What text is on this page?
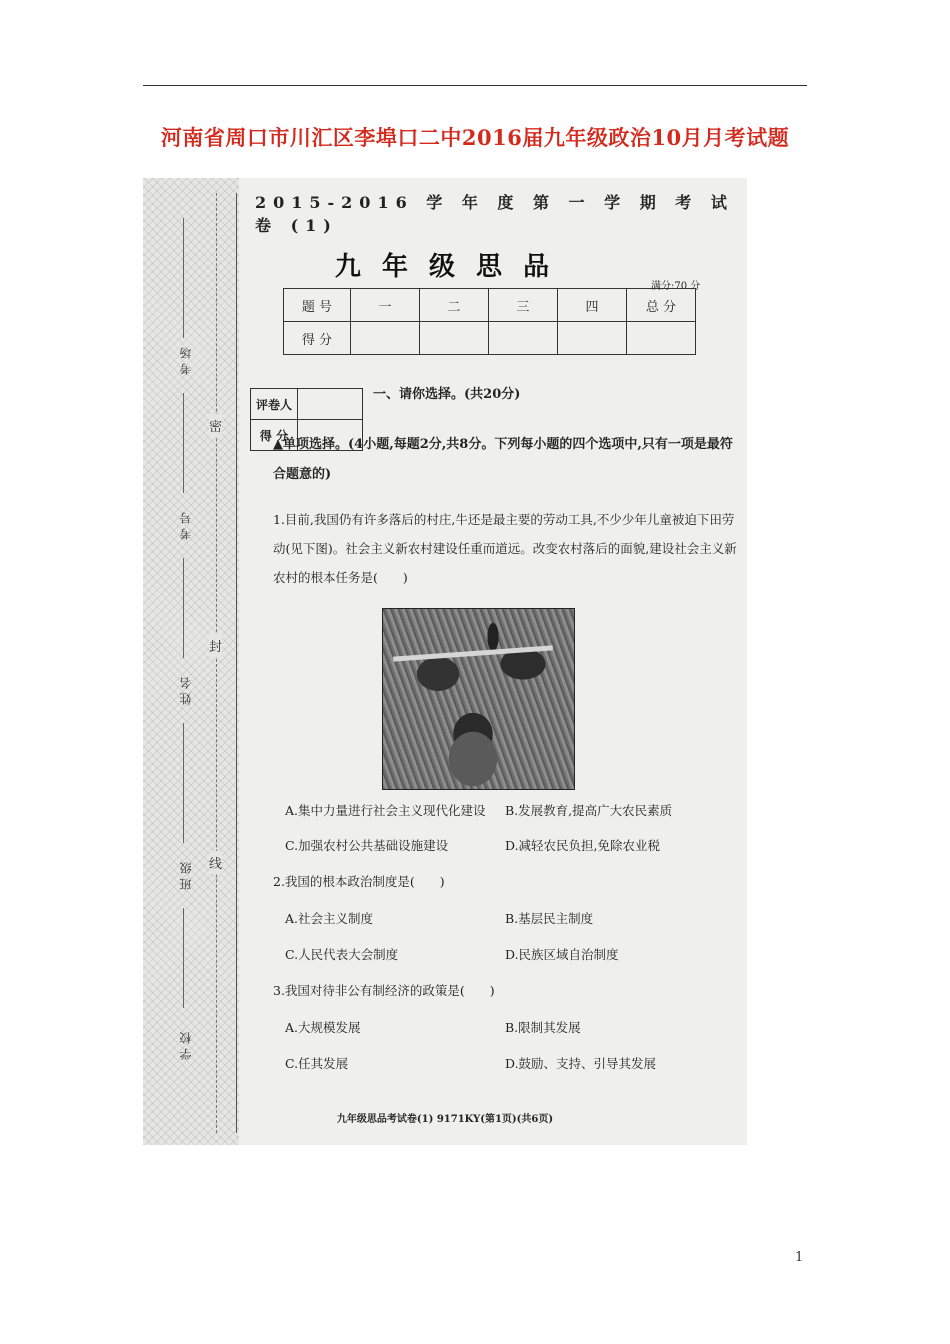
河南省周口市川汇区李埠口二中2016届九年级政治10月月考试题
密
封
线
考场
考号
姓名
班级
学校
2015-2016 学 年 度 第 一 学 期 考 试 卷 (1)
九 年 级 思 品
满分:70 分
题 号	一	二	三	四	总 分
得 分					
评卷人	
得 分	
一、请你选择。(共20分)
▲单项选择。(4小题,每题2分,共8分。下列每小题的四个选项中,只有一项是最符合题意的)
1.目前,我国仍有许多落后的村庄,牛还是最主要的劳动工具,不少少年儿童被迫下田劳动(见下图)。社会主义新农村建设任重而道远。改变农村落后的面貌,建设社会主义新农村的根本任务是(　　)
A.集中力量进行社会主义现代化建设 B.发展教育,提高广大农民素质
C.加强农村公共基础设施建设	D.减轻农民负担,免除农业税
2.我国的根本政治制度是(　　)
A.社会主义制度	B.基层民主制度
C.人民代表大会制度	D.民族区域自治制度
3.我国对待非公有制经济的政策是(　　)
A.大规模发展	B.限制其发展
C.任其发展	D.鼓励、支持、引导其发展
九年级思品考试卷(1) 9171KY(第1页)(共6页)
1
